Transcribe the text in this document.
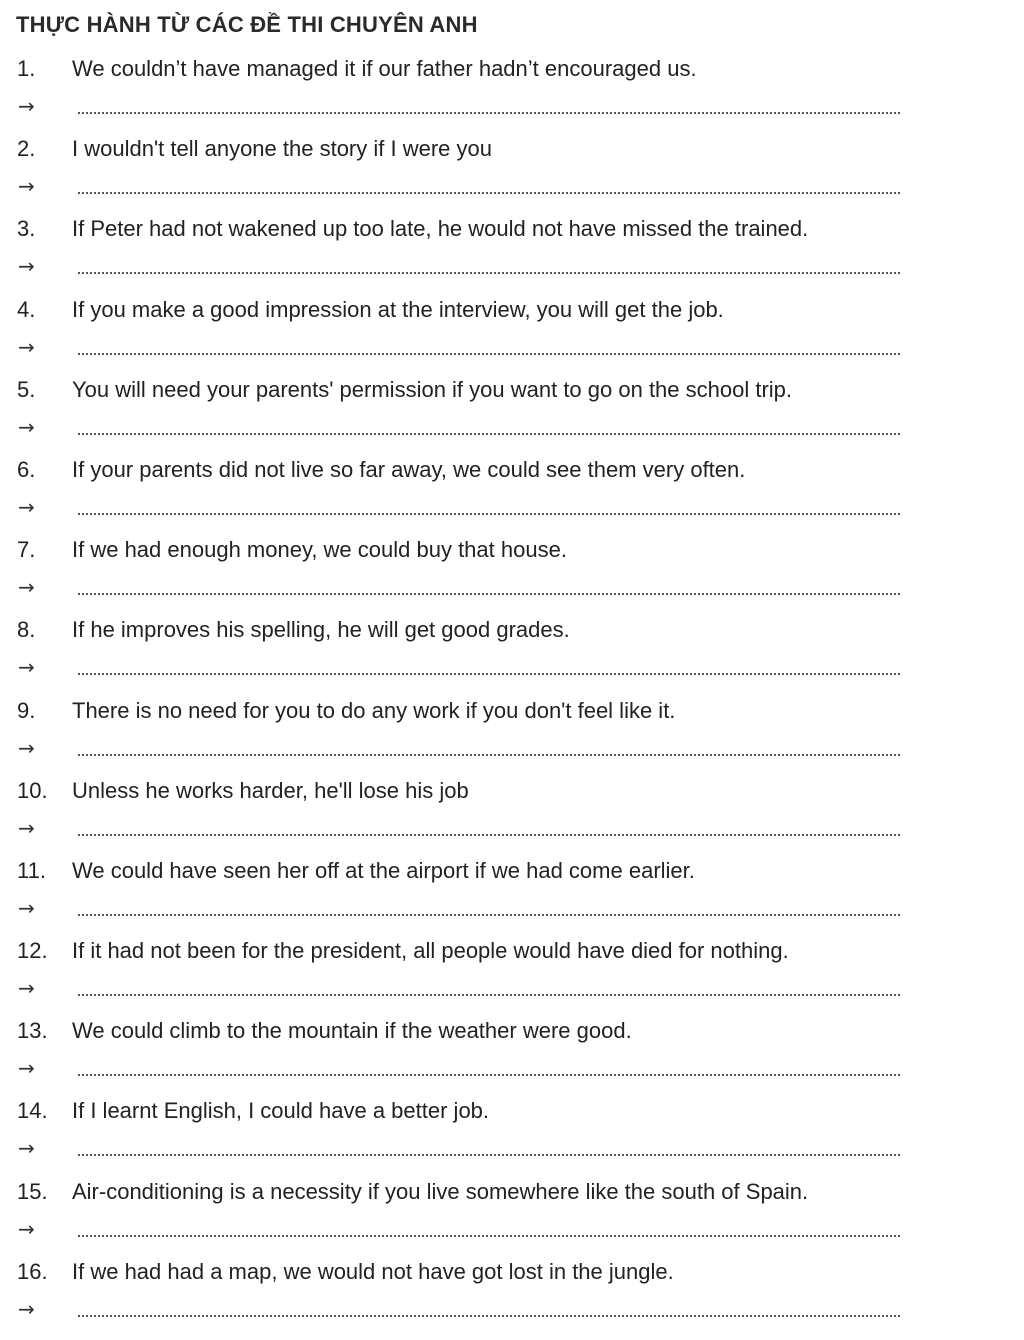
THỰC HÀNH TỪ CÁC ĐỀ THI CHUYÊN ANH
1. We couldn’t have managed it if our father hadn’t encouraged us.
→
2. I wouldn't tell anyone the story if I were you
→
3. If Peter had not wakened up too late, he would not have missed the trained.
→
4. If you make a good impression at the interview, you will get the job.
→
5. You will need your parents' permission if you want to go on the school trip.
→
6. If your parents did not live so far away, we could see them very often.
→
7. If we had enough money, we could buy that house.
→
8. If he improves his spelling, he will get good grades.
→
9. There is no need for you to do any work if you don't feel like it.
→
10. Unless he works harder, he'll lose his job
→
11. We could have seen her off at the airport if we had come earlier.
→
12. If it had not been for the president, all people would have died for nothing.
→
13. We could climb to the mountain if the weather were good.
→
14. If I learnt English, I could have a better job.
→
15. Air-conditioning is a necessity if you live somewhere like the south of Spain.
→
16. If we had had a map, we would not have got lost in the jungle.
→
